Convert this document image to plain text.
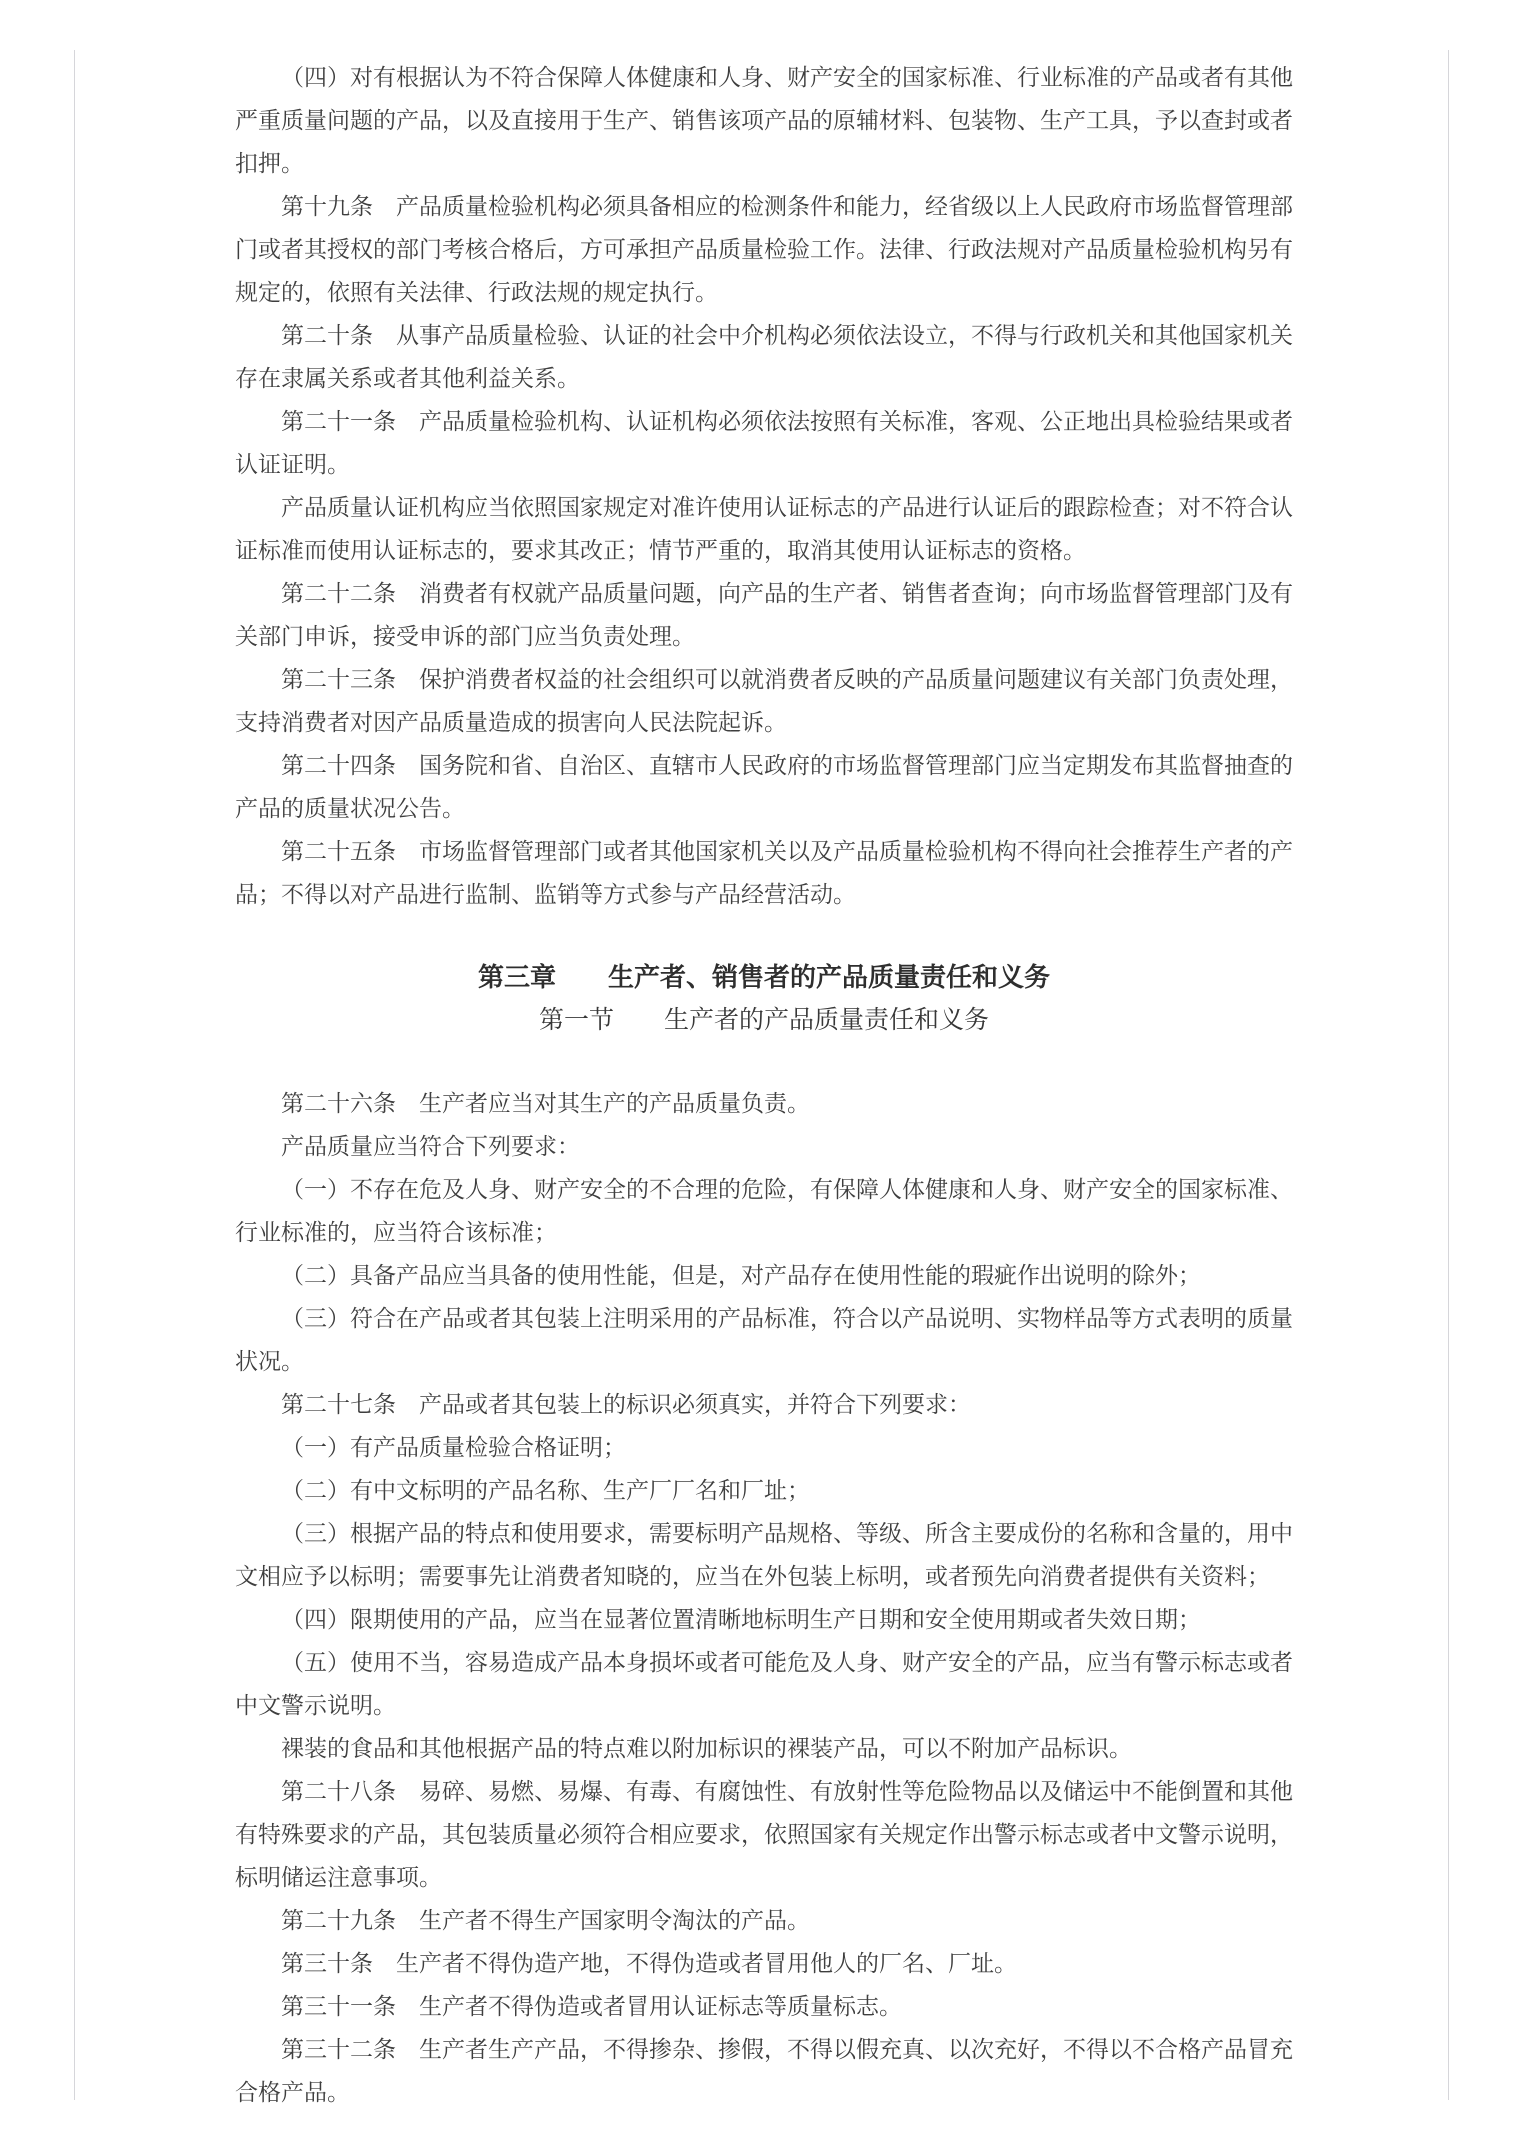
（四）对有根据认为不符合保障人体健康和人身、财产安全的国家标准、行业标准的产品或者有其他严重质量问题的产品，以及直接用于生产、销售该项产品的原辅材料、包装物、生产工具，予以查封或者扣押。

第十九条　产品质量检验机构必须具备相应的检测条件和能力，经省级以上人民政府市场监督管理部门或者其授权的部门考核合格后，方可承担产品质量检验工作。法律、行政法规对产品质量检验机构另有规定的，依照有关法律、行政法规的规定执行。

第二十条　从事产品质量检验、认证的社会中介机构必须依法设立，不得与行政机关和其他国家机关存在隶属关系或者其他利益关系。

第二十一条　产品质量检验机构、认证机构必须依法按照有关标准，客观、公正地出具检验结果或者认证证明。

产品质量认证机构应当依照国家规定对准许使用认证标志的产品进行认证后的跟踪检查；对不符合认证标准而使用认证标志的，要求其改正；情节严重的，取消其使用认证标志的资格。

第二十二条　消费者有权就产品质量问题，向产品的生产者、销售者查询；向市场监督管理部门及有关部门申诉，接受申诉的部门应当负责处理。

第二十三条　保护消费者权益的社会组织可以就消费者反映的产品质量问题建议有关部门负责处理，支持消费者对因产品质量造成的损害向人民法院起诉。

第二十四条　国务院和省、自治区、直辖市人民政府的市场监督管理部门应当定期发布其监督抽查的产品的质量状况公告。

第二十五条　市场监督管理部门或者其他国家机关以及产品质量检验机构不得向社会推荐生产者的产品；不得以对产品进行监制、监销等方式参与产品经营活动。

第三章　　生产者、销售者的产品质量责任和义务

第一节　　生产者的产品质量责任和义务

第二十六条　生产者应当对其生产的产品质量负责。

产品质量应当符合下列要求：

（一）不存在危及人身、财产安全的不合理的危险，有保障人体健康和人身、财产安全的国家标准、行业标准的，应当符合该标准；

（二）具备产品应当具备的使用性能，但是，对产品存在使用性能的瑕疵作出说明的除外；

（三）符合在产品或者其包装上注明采用的产品标准，符合以产品说明、实物样品等方式表明的质量状况。

第二十七条　产品或者其包装上的标识必须真实，并符合下列要求：

（一）有产品质量检验合格证明；

（二）有中文标明的产品名称、生产厂厂名和厂址；

（三）根据产品的特点和使用要求，需要标明产品规格、等级、所含主要成份的名称和含量的，用中文相应予以标明；需要事先让消费者知晓的，应当在外包装上标明，或者预先向消费者提供有关资料；

（四）限期使用的产品，应当在显著位置清晰地标明生产日期和安全使用期或者失效日期；

（五）使用不当，容易造成产品本身损坏或者可能危及人身、财产安全的产品，应当有警示标志或者中文警示说明。

裸装的食品和其他根据产品的特点难以附加标识的裸装产品，可以不附加产品标识。

第二十八条　易碎、易燃、易爆、有毒、有腐蚀性、有放射性等危险物品以及储运中不能倒置和其他有特殊要求的产品，其包装质量必须符合相应要求，依照国家有关规定作出警示标志或者中文警示说明，标明储运注意事项。

第二十九条　生产者不得生产国家明令淘汰的产品。

第三十条　生产者不得伪造产地，不得伪造或者冒用他人的厂名、厂址。

第三十一条　生产者不得伪造或者冒用认证标志等质量标志。

第三十二条　生产者生产产品，不得掺杂、掺假，不得以假充真、以次充好，不得以不合格产品冒充合格产品。
